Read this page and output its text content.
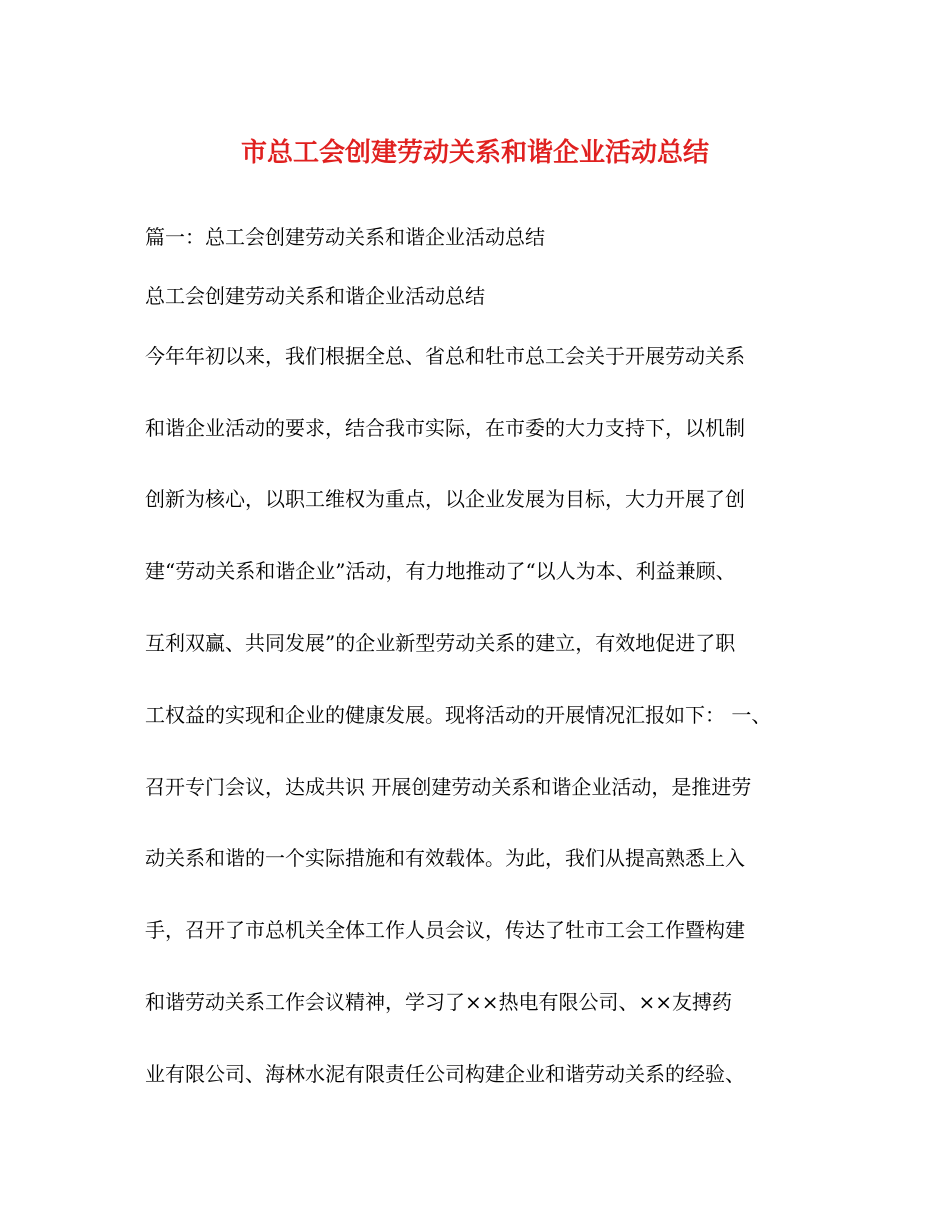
市总工会创建劳动关系和谐企业活动总结
篇一：总工会创建劳动关系和谐企业活动总结
总工会创建劳动关系和谐企业活动总结
今年年初以来，我们根据全总、省总和牡市总工会关于开展劳动关系
和谐企业活动的要求，结合我市实际，在市委的大力支持下，以机制
创新为核心，以职工维权为重点，以企业发展为目标，大力开展了创
建“劳动关系和谐企业”活动，有力地推动了“以人为本、利益兼顾、
互利双赢、共同发展”的企业新型劳动关系的建立，有效地促进了职
工权益的实现和企业的健康发展。现将活动的开展情况汇报如下： 一、
召开专门会议，达成共识 开展创建劳动关系和谐企业活动，是推进劳
动关系和谐的一个实际措施和有效载体。为此，我们从提高熟悉上入
手，召开了市总机关全体工作人员会议，传达了牡市工会工作暨构建
和谐劳动关系工作会议精神，学习了××热电有限公司、××友搏药
业有限公司、海林水泥有限责任公司构建企业和谐劳动关系的经验、
